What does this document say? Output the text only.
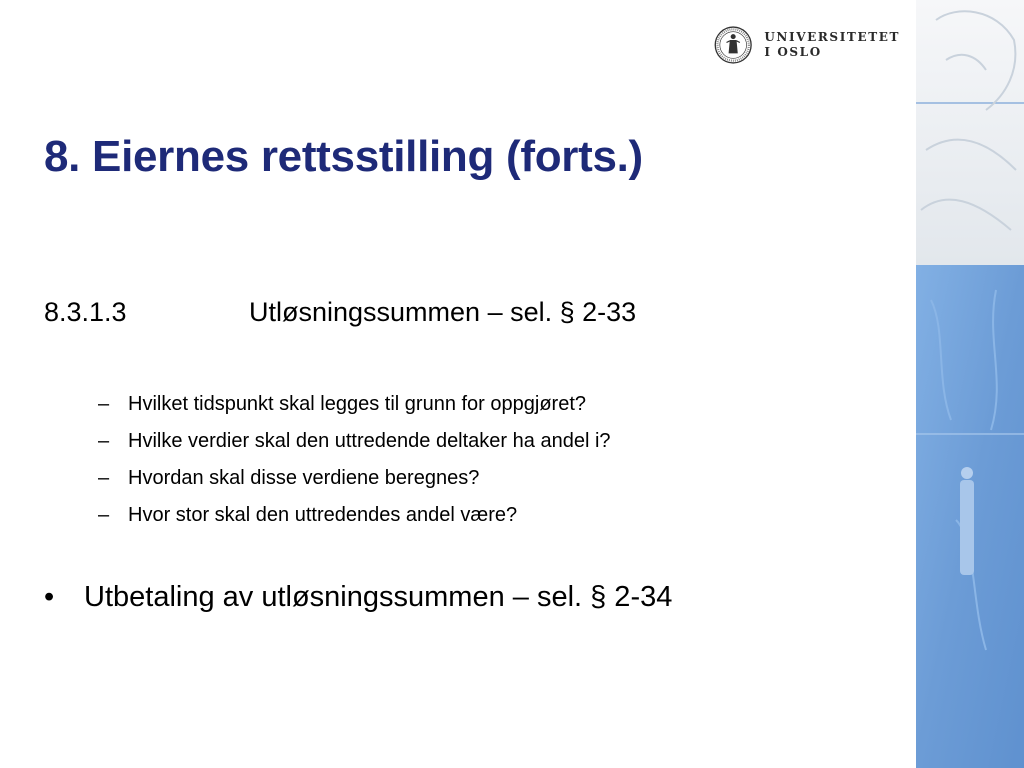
UNIVERSITETET
I OSLO
8. Eiernes rettsstilling (forts.)
8.3.1.3	Utløsningssummen – sel. § 2-33
– Hvilket tidspunkt skal legges til grunn for oppgjøret?
– Hvilke verdier skal den uttredende deltaker ha andel i?
– Hvordan skal disse verdiene beregnes?
– Hvor stor skal den uttredendes andel være?
• Utbetaling av utløsningssummen – sel. § 2-34
